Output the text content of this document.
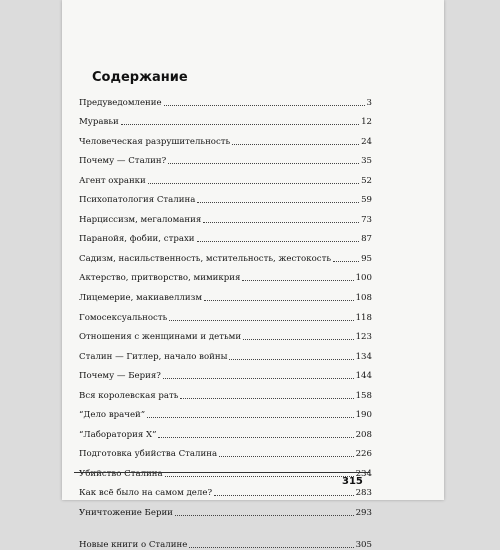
Содержание
Предуведомление	3
Муравьи	12
Человеческая разрушительность	24
Почему — Сталин?	35
Агент охранки	52
Психопатология Сталина	59
Нарциссизм, мегаломания	73
Паранойя, фобии, страхи	87
Садизм, насильственность, мстительность, жестокость	95
Актерство, притворство, мимикрия	100
Лицемерие, макиавеллизм	108
Гомосексуальность	118
Отношения с женщинами и детьми	123
Сталин — Гитлер, начало войны	134
Почему — Берия?	144
Вся королевская рать	158
“Дело врачей”	190
“Лаборатория Х”	208
Подготовка убийства Сталина	226
Убийство Сталина	234
Как всё было на самом деле?	283
Уничтожение Берии	293
Новые книги о Сталине	305
315
